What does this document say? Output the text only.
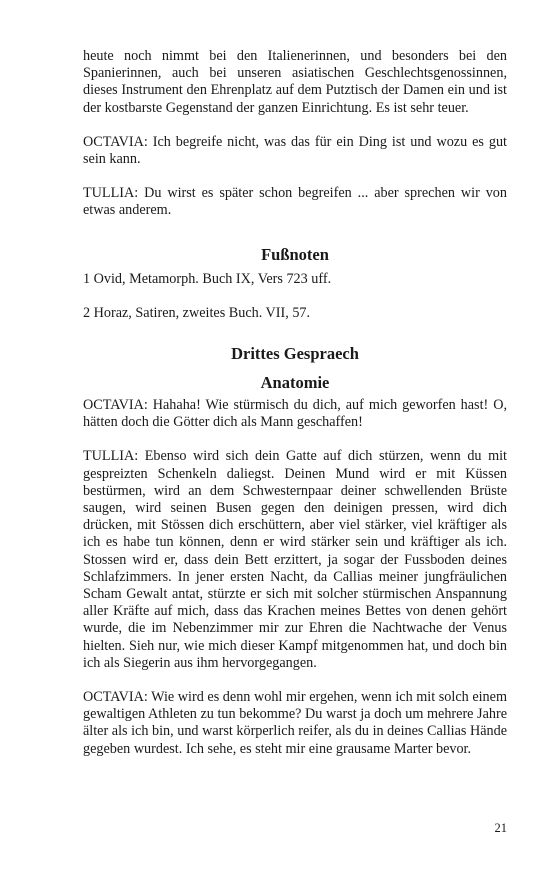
heute noch nimmt bei den Italienerinnen, und besonders bei den Spanierinnen, auch bei unseren asiatischen Geschlechtsgenossinnen, dieses Instrument den Ehrenplatz auf dem Putztisch der Damen ein und ist der kostbarste Gegenstand der ganzen Einrichtung. Es ist sehr teuer.

OCTAVIA: Ich begreife nicht, was das für ein Ding ist und wozu es gut sein kann.

TULLIA: Du wirst es später schon begreifen ... aber sprechen wir von etwas anderem.

Fußnoten

1 Ovid, Metamorph. Buch IX, Vers 723 uff.

2 Horaz, Satiren, zweites Buch. VII, 57.

Drittes Gespraech
Anatomie

OCTAVIA: Hahaha! Wie stürmisch du dich, auf mich geworfen hast! O, hätten doch die Götter dich als Mann geschaffen!

TULLIA: Ebenso wird sich dein Gatte auf dich stürzen, wenn du mit gespreizten Schenkeln daliegst. Deinen Mund wird er mit Küssen bestürmen, wird an dem Schwesternpaar deiner schwellenden Brüste saugen, wird seinen Busen gegen den deinigen pressen, wird dich drücken, mit Stössen dich erschüttern, aber viel stärker, viel kräftiger als ich es habe tun können, denn er wird stärker sein und kräftiger als ich. Stossen wird er, dass dein Bett erzittert, ja sogar der Fussboden deines Schlafzimmers. In jener ersten Nacht, da Callias meiner jungfräulichen Scham Gewalt antat, stürzte er sich mit solcher stürmischen Anspannung aller Kräfte auf mich, dass das Krachen meines Bettes von denen gehört wurde, die im Nebenzimmer mir zur Ehren die Nachtwache der Venus hielten. Sieh nur, wie mich dieser Kampf mitgenommen hat, und doch bin ich als Siegerin aus ihm hervorgegangen.

OCTAVIA: Wie wird es denn wohl mir ergehen, wenn ich mit solch einem gewaltigen Athleten zu tun bekomme? Du warst ja doch um mehrere Jahre älter als ich bin, und warst körperlich reifer, als du in deines Callias Hände gegeben wurdest. Ich sehe, es steht mir eine grausame Marter bevor.

21
